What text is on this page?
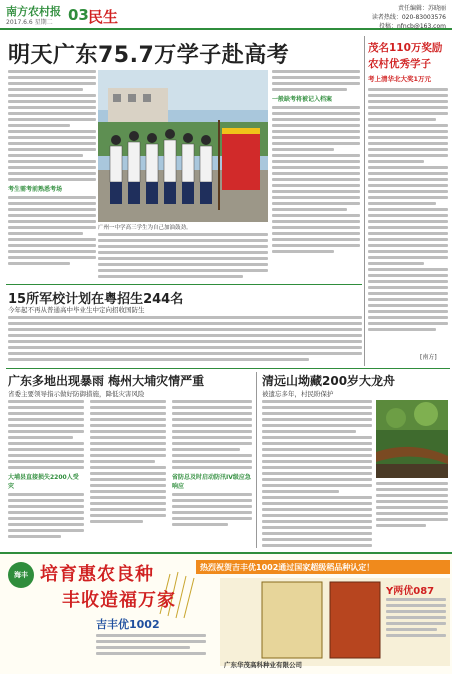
南方农村报
2017.6.6 星期二 03 民生	责任编辑：苏晓丽
读者热线：020-83003576
投稿：nfncb@163.com
明天广东75.7万学子赴高考
考生需考前熟悉考场
广州一中学高三学生为自己加油鼓劲。
一般缺考将被记入档案
茂名110万奖励
农村优秀学子
考上清华北大奖1万元
[南方]
15所军校计划在粤招生244名
今年起不再从普通高中毕业生中定向招收国防生
广东多地出现暴雨 梅州大埔灾情严重
省委主要领导指示做好防御措施，降低灾害风险
大埔县直接损失2200人受灾
省防总及时启动防汛IV级应急响应
清远山坳藏200岁大龙舟
被遗忘多年，村民盼保护
海丰 培育惠农良种
丰收造福万家
热烈祝贺吉丰优1002通过国家超级稻品种认定！
吉丰优1002
Y两优087
广东华茂高科种业有限公司
